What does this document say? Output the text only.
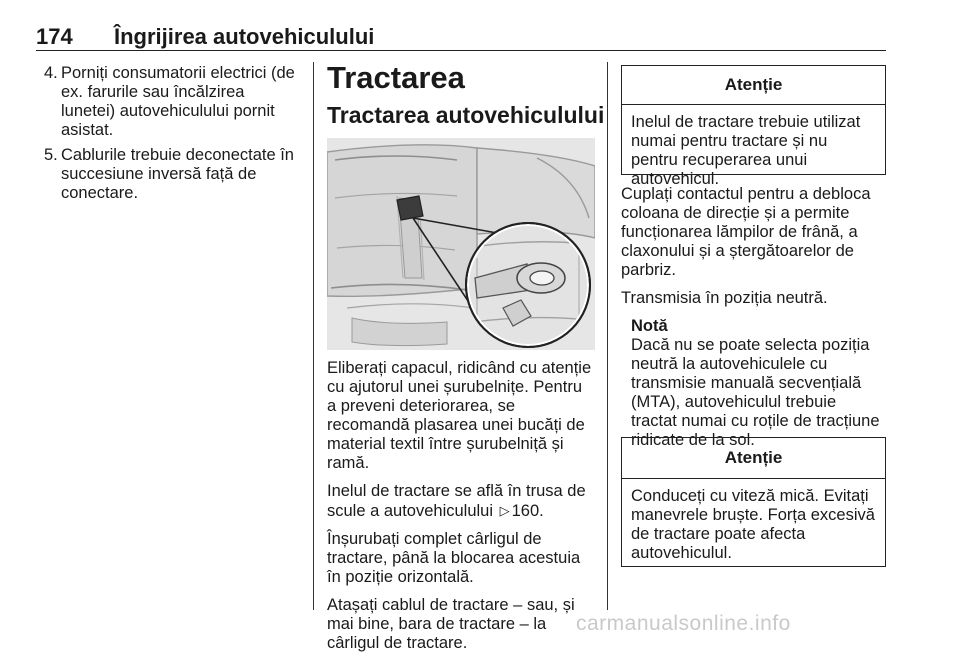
174 Îngrijirea autovehiculului
4. Porniți consumatorii electrici (de ex. farurile sau încălzirea lunetei) autovehiculului pornit asistat.
5. Cablurile trebuie deconectate în succesiune inversă față de conectare.
Tractarea
Tractarea autovehiculului

Eliberați capacul, ridicând cu atenție cu ajutorul unei șurubelnițe. Pentru a preveni deteriorarea, se recomandă plasarea unei bucăți de material textil între șurubelniță și ramă.

Inelul de tractare se află în trusa de scule a autovehiculului ▷ 160.

Înșurubați complet cârligul de tractare, până la blocarea acestuia în poziție orizontală.

Atașați cablul de tractare – sau, și mai bine, bara de tractare – la cârligul de tractare.

Atenție
Inelul de tractare trebuie utilizat numai pentru tractare și nu pentru recuperarea unui autovehicul.

Cuplați contactul pentru a debloca coloana de direcție și a permite funcționarea lămpilor de frână, a claxonului și a ștergătoarelor de parbriz.

Transmisia în poziția neutră.

Notă
Dacă nu se poate selecta poziția neutră la autovehiculele cu transmisie manuală secvențială (MTA), autovehiculul trebuie tractat numai cu roțile de tracțiune ridicate de la sol.
Atenție
Conduceți cu viteză mică. Evitați manevrele bruște. Forța excesivă de tractare poate afecta autovehiculul.
carmanualsonline.info
